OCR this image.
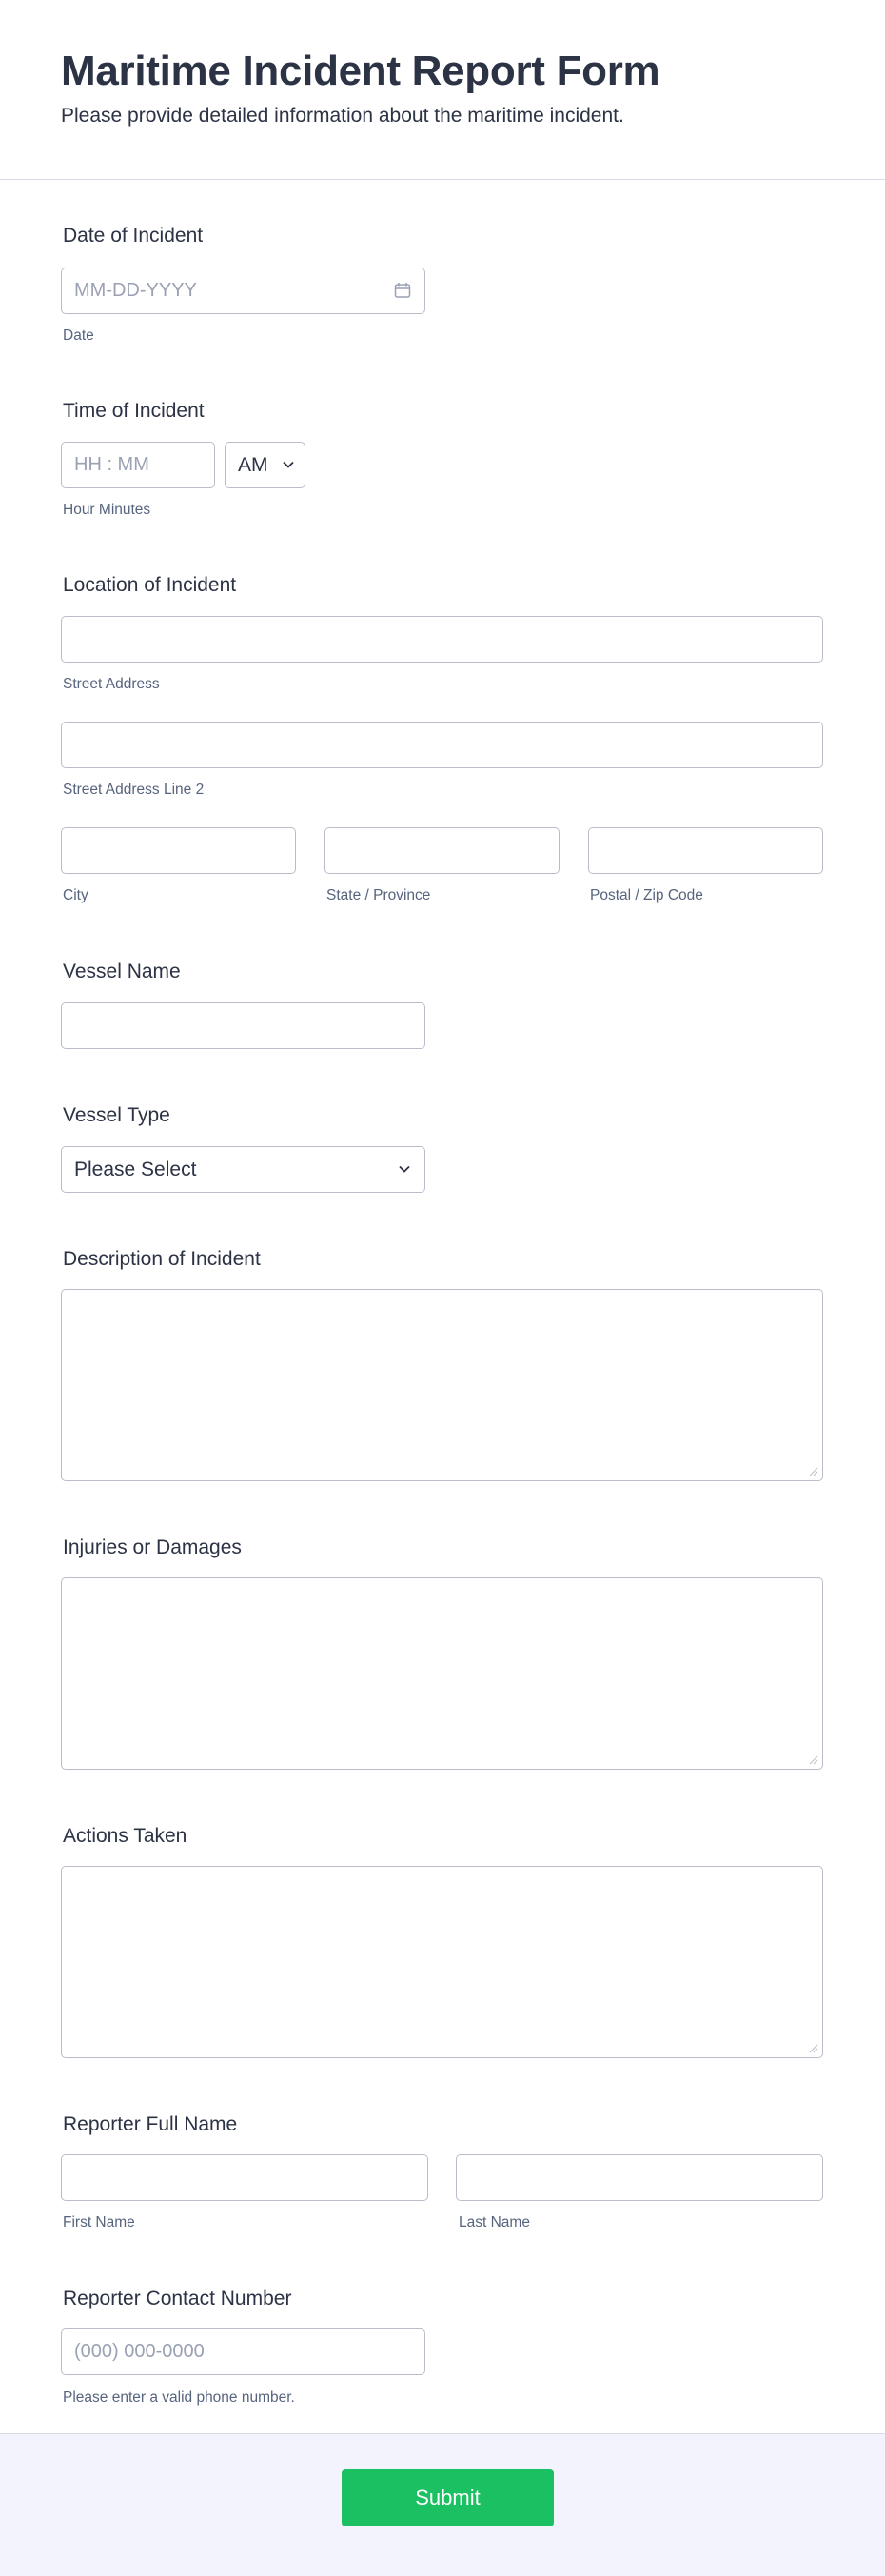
Maritime Incident Report Form

Please provide detailed information about the maritime incident.

Date of Incident
MM-DD-YYYY
Date
Time of Incident
HH : MM	AM
Hour Minutes
Location of Incident
Street Address
Street Address Line 2
City	State / Province	Postal / Zip Code
Vessel Name
Vessel Type
Please Select
Description of Incident
Injuries or Damages
Actions Taken
Reporter Full Name
First Name	Last Name
Reporter Contact Number
(000) 000-0000
Please enter a valid phone number.
Submit
